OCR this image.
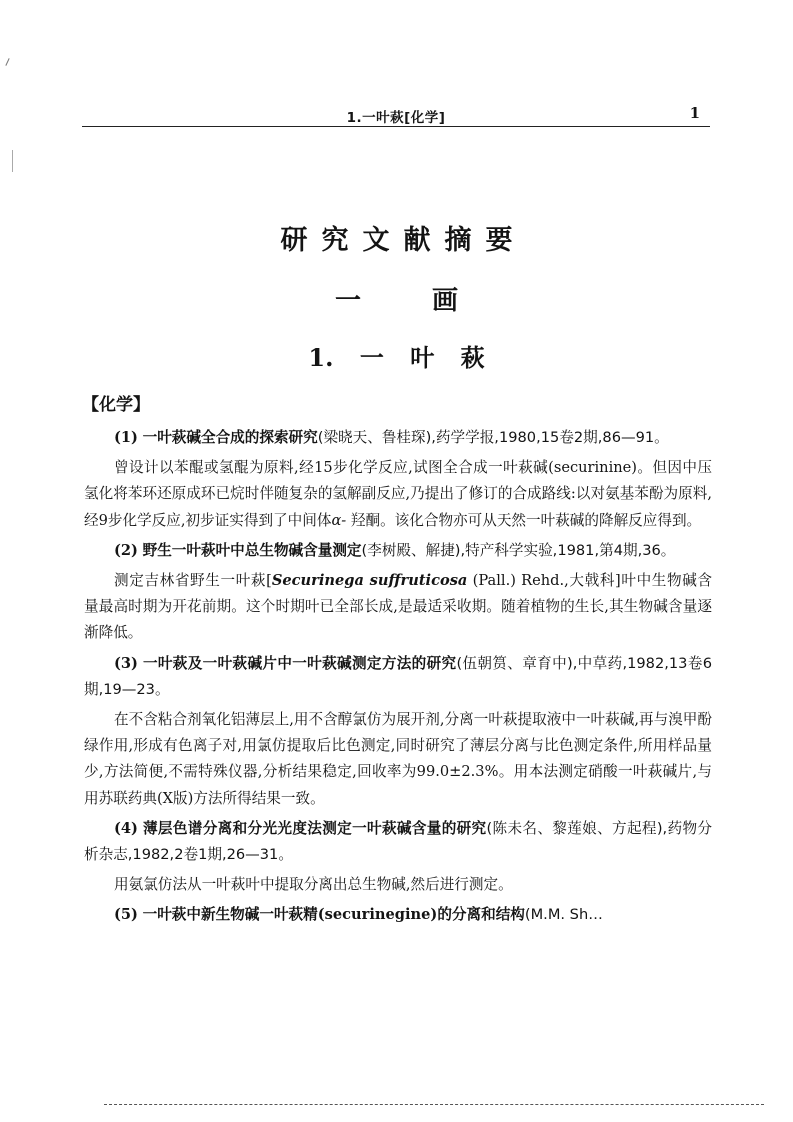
1.一叶萩[化学]	1
研究文献摘要
一	画
1. 一 叶 萩
【化学】

(1) 一叶萩碱全合成的探索研究(梁晓天、鲁桂琛),药学学报,1980,15卷2期,86—91。

曾设计以苯醌或氢醌为原料,经15步化学反应,试图全合成一叶萩碱(securinine)。但因中压氢化将苯环还原成环已烷时伴随复杂的氢解副反应,乃提出了修订的合成路线:以对氨基苯酚为原料,经9步化学反应,初步证实得到了中间体α- 羟酮。该化合物亦可从天然一叶萩碱的降解反应得到。

(2) 野生一叶萩叶中总生物碱含量测定(李树殿、解捷),特产科学实验,1981,第4期,36。

测定吉林省野生一叶萩[Securinega suffruticosa (Pall.) Rehd.,大戟科]叶中生物碱含量最高时期为开花前期。这个时期叶已全部长成,是最适采收期。随着植物的生长,其生物碱含量逐渐降低。

(3) 一叶萩及一叶萩碱片中一叶萩碱测定方法的研究(伍朝筼、章育中),中草药,1982,13卷6期,19—23。

在不含粘合剂氧化铝薄层上,用不含醇氯仿为展开剂,分离一叶萩提取液中一叶萩碱,再与溴甲酚绿作用,形成有色离子对,用氯仿提取后比色测定,同时研究了薄层分离与比色测定条件,所用样品量少,方法简便,不需特殊仪器,分析结果稳定,回收率为99.0±2.3%。用本法测定硝酸一叶萩碱片,与用苏联药典(X版)方法所得结果一致。

(4) 薄层色谱分离和分光光度法测定一叶萩碱含量的研究(陈未名、黎莲娘、方起程),药物分析杂志,1982,2卷1期,26—31。

用氨氯仿法从一叶萩叶中提取分离出总生物碱,然后进行测定。

(5) 一叶萩中新生物碱一叶萩精(securinegine)的分离和结构(M.M. Sh…
